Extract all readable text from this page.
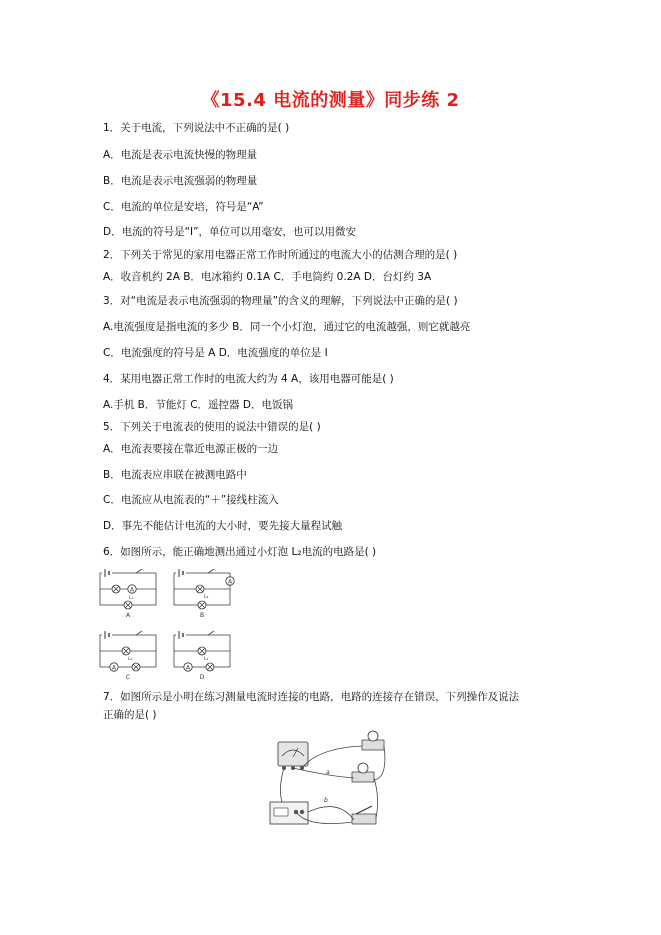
《15.4 电流的测量》同步练 2
1．关于电流，下列说法中不正确的是( )
A．电流是表示电流快慢的物理量
B．电流是表示电流强弱的物理量
C．电流的单位是安培，符号是“A”
D．电流的符号是“I”，单位可以用毫安，也可以用微安
2．下列关于常见的家用电器正常工作时所通过的电流大小的估测合理的是( )
A．收音机约 2A B．电冰箱约 0.1A C．手电筒约 0.2A D．台灯约 3A
3．对“电流是表示电流强弱的物理量”的含义的理解，下列说法中正确的是( )
A.电流强度是指电流的多少 B．同一个小灯泡，通过它的电流越强，则它就越亮
C．电流强度的符号是 A D．电流强度的单位是 I
4．某用电器正常工作时的电流大约为 4 A，该用电器可能是( )
A.手机 B．节能灯 C．遥控器 D．电饭锅
5．下列关于电流表的使用的说法中错误的是( )
A．电流表要接在靠近电源正极的一边
B．电流表应串联在被测电路中
C．电流应从电流表的“＋”接线柱流入
D．事先不能估计电流的大小时，要先接大量程试触
6．如图所示，能正确地测出通过小灯泡 L₂电流的电路是( )
A
L₁
A
L₂
B
L₁
C
L₁
D
7．如图所示是小明在练习测量电流时连接的电路，电路的连接存在错误，下列操作及说法
正确的是( )
a
b
